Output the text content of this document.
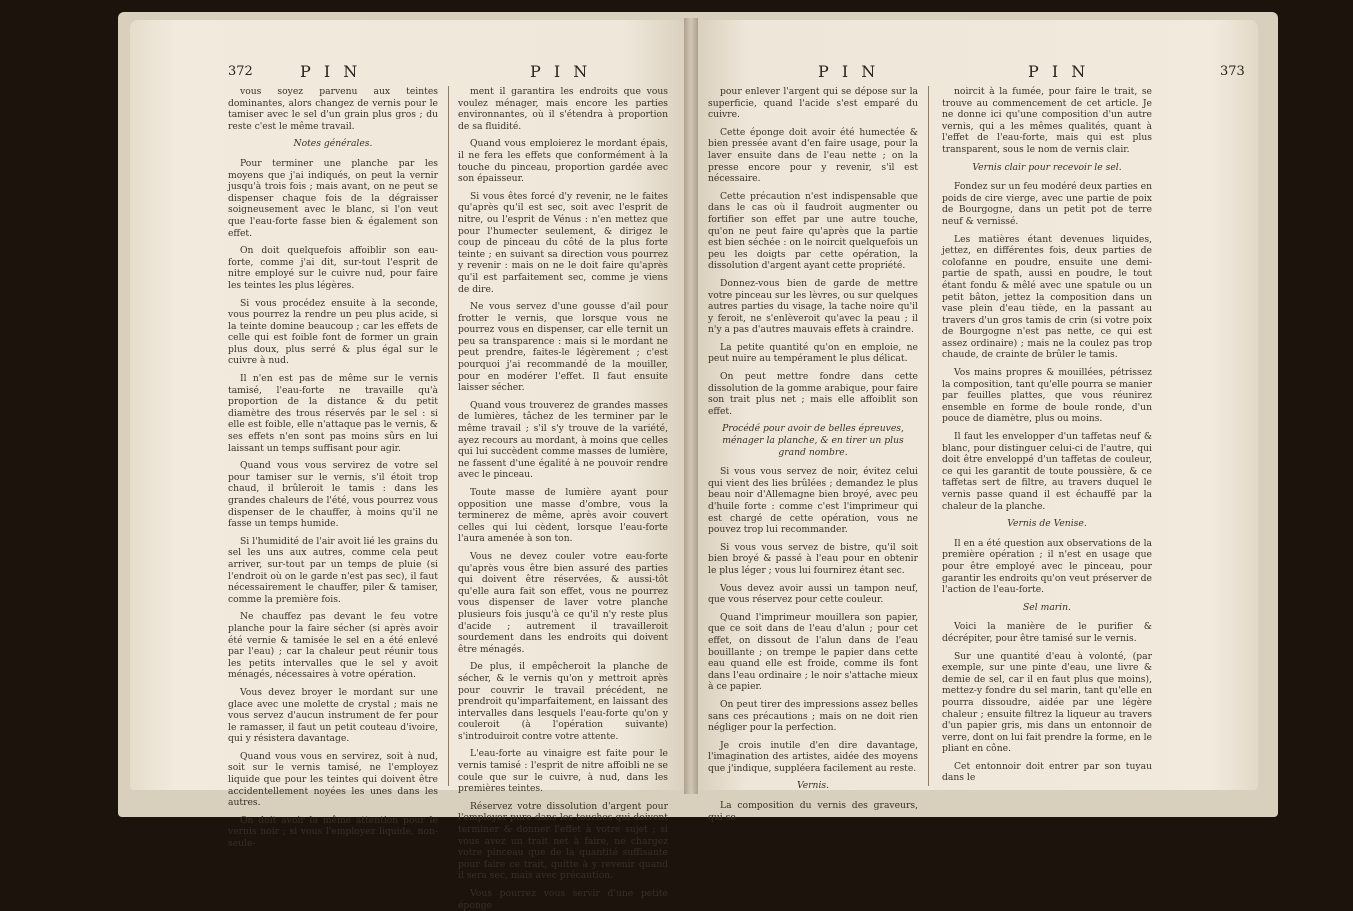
372	P I N	P I N

vous soyez parvenu aux teintes dominantes, alors changez de vernis pour le tamiser avec le sel d'un grain plus gros ; du reste c'est le même travail.

Notes générales.

Pour terminer une planche par les moyens que j'ai indiqués, on peut la vernir jusqu'à trois fois ; mais avant, on ne peut se dispenser chaque fois de la dégraisser soigneusement avec le blanc, si l'on veut que l'eau-forte fasse bien & également son effet.

On doit quelquefois affoiblir son eau-forte, comme j'ai dit, sur-tout l'esprit de nitre employé sur le cuivre nud, pour faire les teintes les plus légères.

Si vous procédez ensuite à la seconde, vous pourrez la rendre un peu plus acide, si la teinte domine beaucoup ; car les effets de celle qui est foible font de former un grain plus doux, plus serré & plus égal sur le cuivre à nud.

Il n'en est pas de même sur le vernis tamisé, l'eau-forte ne travaille qu'à proportion de la distance & du petit diamètre des trous réservés par le sel : si elle est foible, elle n'attaque pas le vernis, & ses effets n'en sont pas moins sûrs en lui laissant un temps suffisant pour agir.

Quand vous vous servirez de votre sel pour tamiser sur le vernis, s'il étoit trop chaud, il brûleroit le tamis : dans les grandes chaleurs de l'été, vous pourrez vous dispenser de le chauffer, à moins qu'il ne fasse un temps humide.

Si l'humidité de l'air avoit lié les grains du sel les uns aux autres, comme cela peut arriver, sur-tout par un temps de pluie (si l'endroit où on le garde n'est pas sec), il faut nécessairement le chauffer, piler & tamiser, comme la première fois.

Ne chauffez pas devant le feu votre planche pour la faire sécher (si après avoir été vernie & tamisée le sel en a été enlevé par l'eau) ; car la chaleur peut réunir tous les petits intervalles que le sel y avoit ménagés, nécessaires à votre opération.

Vous devez broyer le mordant sur une glace avec une molette de crystal ; mais ne vous servez d'aucun instrument de fer pour le ramasser, il faut un petit couteau d'ivoire, qui y résistera davantage.

Quand vous vous en servirez, soit à nud, soit sur le vernis tamisé, ne l'employez liquide que pour les teintes qui doivent être accidentellement noyées les unes dans les autres.

On doit avoir la même attention pour le vernis noir ; si vous l'employez liquide, non-seule-

ment il garantira les endroits que vous voulez ménager, mais encore les parties environnantes, où il s'étendra à proportion de sa fluidité.

Quand vous emploierez le mordant épais, il ne fera les effets que conformément à la touche du pinceau, proportion gardée avec son épaisseur.

Si vous êtes forcé d'y revenir, ne le faites qu'après qu'il est sec, soit avec l'esprit de nitre, ou l'esprit de Vénus : n'en mettez que pour l'humecter seulement, & dirigez le coup de pinceau du côté de la plus forte teinte ; en suivant sa direction vous pourrez y revenir : mais on ne le doit faire qu'après qu'il est parfaitement sec, comme je viens de dire.

Ne vous servez d'une gousse d'ail pour frotter le vernis, que lorsque vous ne pourrez vous en dispenser, car elle ternit un peu sa transparence : mais si le mordant ne peut prendre, faites-le légèrement ; c'est pourquoi j'ai recommandé de la mouiller, pour en modérer l'effet. Il faut ensuite laisser sécher.

Quand vous trouverez de grandes masses de lumières, tâchez de les terminer par le même travail ; s'il s'y trouve de la variété, ayez recours au mordant, à moins que celles qui lui succèdent comme masses de lumière, ne fassent d'une égalité à ne pouvoir rendre avec le pinceau.

Toute masse de lumière ayant pour opposition une masse d'ombre, vous la terminerez de même, après avoir couvert celles qui lui cèdent, lorsque l'eau-forte l'aura amenée à son ton.

Vous ne devez couler votre eau-forte qu'après vous être bien assuré des parties qui doivent être réservées, & aussi-tôt qu'elle aura fait son effet, vous ne pourrez vous dispenser de laver votre planche plusieurs fois jusqu'à ce qu'il n'y reste plus d'acide ; autrement il travailleroit sourdement dans les endroits qui doivent être ménagés.

De plus, il empêcheroit la planche de sécher, & le vernis qu'on y mettroit après pour couvrir le travail précédent, ne prendroit qu'imparfaitement, en laissant des intervalles dans lesquels l'eau-forte qu'on y couleroit (à l'opération suivante) s'introduiroit contre votre attente.

L'eau-forte au vinaigre est faite pour le vernis tamisé : l'esprit de nitre affoibli ne se coule que sur le cuivre, à nud, dans les premières teintes.

Réservez votre dissolution d'argent pour l'employer pure dans les touches qui doivent terminer & donner l'effet à votre sujet ; si vous avez un trait net à faire, ne chargez votre pinceau que de la quantité suffisante pour faire ce trait, quitte à y revenir quand il sera sec, mais avec précaution.

Vous pourrez vous servir d'une petite éponge

P I N	P I N	373

pour enlever l'argent qui se dépose sur la superficie, quand l'acide s'est emparé du cuivre.

Cette éponge doit avoir été humectée & bien pressée avant d'en faire usage, pour la laver ensuite dans de l'eau nette ; on la presse encore pour y revenir, s'il est nécessaire.

Cette précaution n'est indispensable que dans le cas où il faudroit augmenter ou fortifier son effet par une autre touche, qu'on ne peut faire qu'après que la partie est bien séchée : on le noircit quelquefois un peu les doigts par cette opération, la dissolution d'argent ayant cette propriété.

Donnez-vous bien de garde de mettre votre pinceau sur les lèvres, ou sur quelques autres parties du visage, la tache noire qu'il y feroit, ne s'enlèveroit qu'avec la peau ; il n'y a pas d'autres mauvais effets à craindre.

La petite quantité qu'on en emploie, ne peut nuire au tempérament le plus délicat.

On peut mettre fondre dans cette dissolution de la gomme arabique, pour faire son trait plus net ; mais elle affoiblit son effet.

Procédé pour avoir de belles épreuves, ménager la planche, & en tirer un plus grand nombre.

Si vous vous servez de noir, évitez celui qui vient des lies brûlées ; demandez le plus beau noir d'Allemagne bien broyé, avec peu d'huile forte : comme c'est l'imprimeur qui est chargé de cette opération, vous ne pouvez trop lui recommander.

Si vous vous servez de bistre, qu'il soit bien broyé & passé à l'eau pour en obtenir le plus léger ; vous lui fournirez étant sec.

Vous devez avoir aussi un tampon neuf, que vous réservez pour cette couleur.

Quand l'imprimeur mouillera son papier, que ce soit dans de l'eau d'alun ; pour cet effet, on dissout de l'alun dans de l'eau bouillante ; on trempe le papier dans cette eau quand elle est froide, comme ils font dans l'eau ordinaire ; le noir s'attache mieux à ce papier.

On peut tirer des impressions assez belles sans ces précautions ; mais on ne doit rien négliger pour la perfection.

Je crois inutile d'en dire davantage, l'imagination des artistes, aidée des moyens que j'indique, suppléera facilement au reste.

Vernis.

La composition du vernis des graveurs, qui se

noircit à la fumée, pour faire le trait, se trouve au commencement de cet article. Je ne donne ici qu'une composition d'un autre vernis, qui a les mêmes qualités, quant à l'effet de l'eau-forte, mais qui est plus transparent, sous le nom de vernis clair.

Vernis clair pour recevoir le sel.

Fondez sur un feu modéré deux parties en poids de cire vierge, avec une partie de poix de Bourgogne, dans un petit pot de terre neuf & vernissé.

Les matières étant devenues liquides, jettez, en différentes fois, deux parties de colofanne en poudre, ensuite une demi-partie de spath, aussi en poudre, le tout étant fondu & mêlé avec une spatule ou un petit bâton, jettez la composition dans un vase plein d'eau tiède, en la passant au travers d'un gros tamis de crin (si votre poix de Bourgogne n'est pas nette, ce qui est assez ordinaire) ; mais ne la coulez pas trop chaude, de crainte de brûler le tamis.

Vos mains propres & mouillées, pétrissez la composition, tant qu'elle pourra se manier par feuilles plattes, que vous réunirez ensemble en forme de boule ronde, d'un pouce de diamètre, plus ou moins.

Il faut les envelopper d'un taffetas neuf & blanc, pour distinguer celui-ci de l'autre, qui doit être enveloppé d'un taffetas de couleur, ce qui les garantit de toute poussière, & ce taffetas sert de filtre, au travers duquel le vernis passe quand il est échauffé par la chaleur de la planche.

Vernis de Venise.

Il en a été question aux observations de la première opération ; il n'est en usage que pour être employé avec le pinceau, pour garantir les endroits qu'on veut préserver de l'action de l'eau-forte.

Sel marin.

Voici la manière de le purifier & décrépiter, pour être tamisé sur le vernis.

Sur une quantité d'eau à volonté, (par exemple, sur une pinte d'eau, une livre & demie de sel, car il en faut plus que moins), mettez-y fondre du sel marin, tant qu'elle en pourra dissoudre, aidée par une légère chaleur ; ensuite filtrez la liqueur au travers d'un papier gris, mis dans un entonnoir de verre, dont on lui fait prendre la forme, en le pliant en cône.

Cet entonnoir doit entrer par son tuyau dans le
